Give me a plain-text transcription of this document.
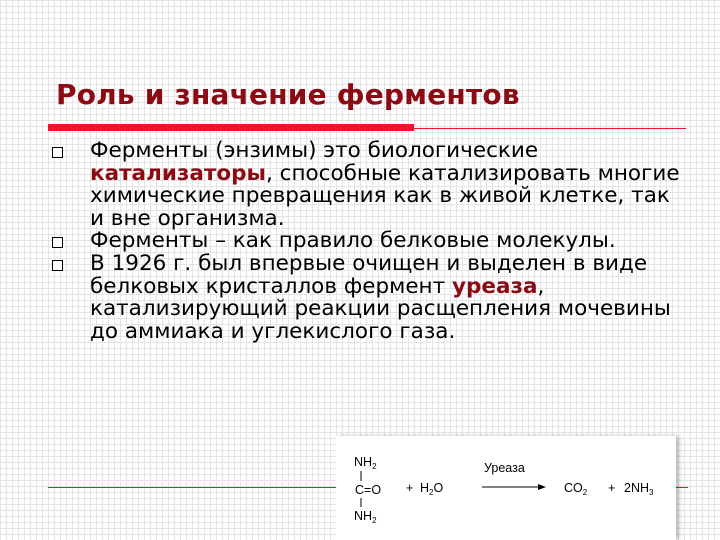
Роль и значение ферментов
Ферменты (энзимы) это биологические катализаторы, способные катализировать многие химические превращения как в живой клетке, так и вне организма.
Ферменты – как правило белковые молекулы.
В 1926 г. был впервые очищен и выделен в виде белковых кристаллов фермент уреаза, катализирующий реакции расщепления мочевины до аммиака и углекислого газа.
$NH_2$
C=O
$NH_2$
+ $H_2O$
Уреаза
$CO_2 + 2NH_3$
